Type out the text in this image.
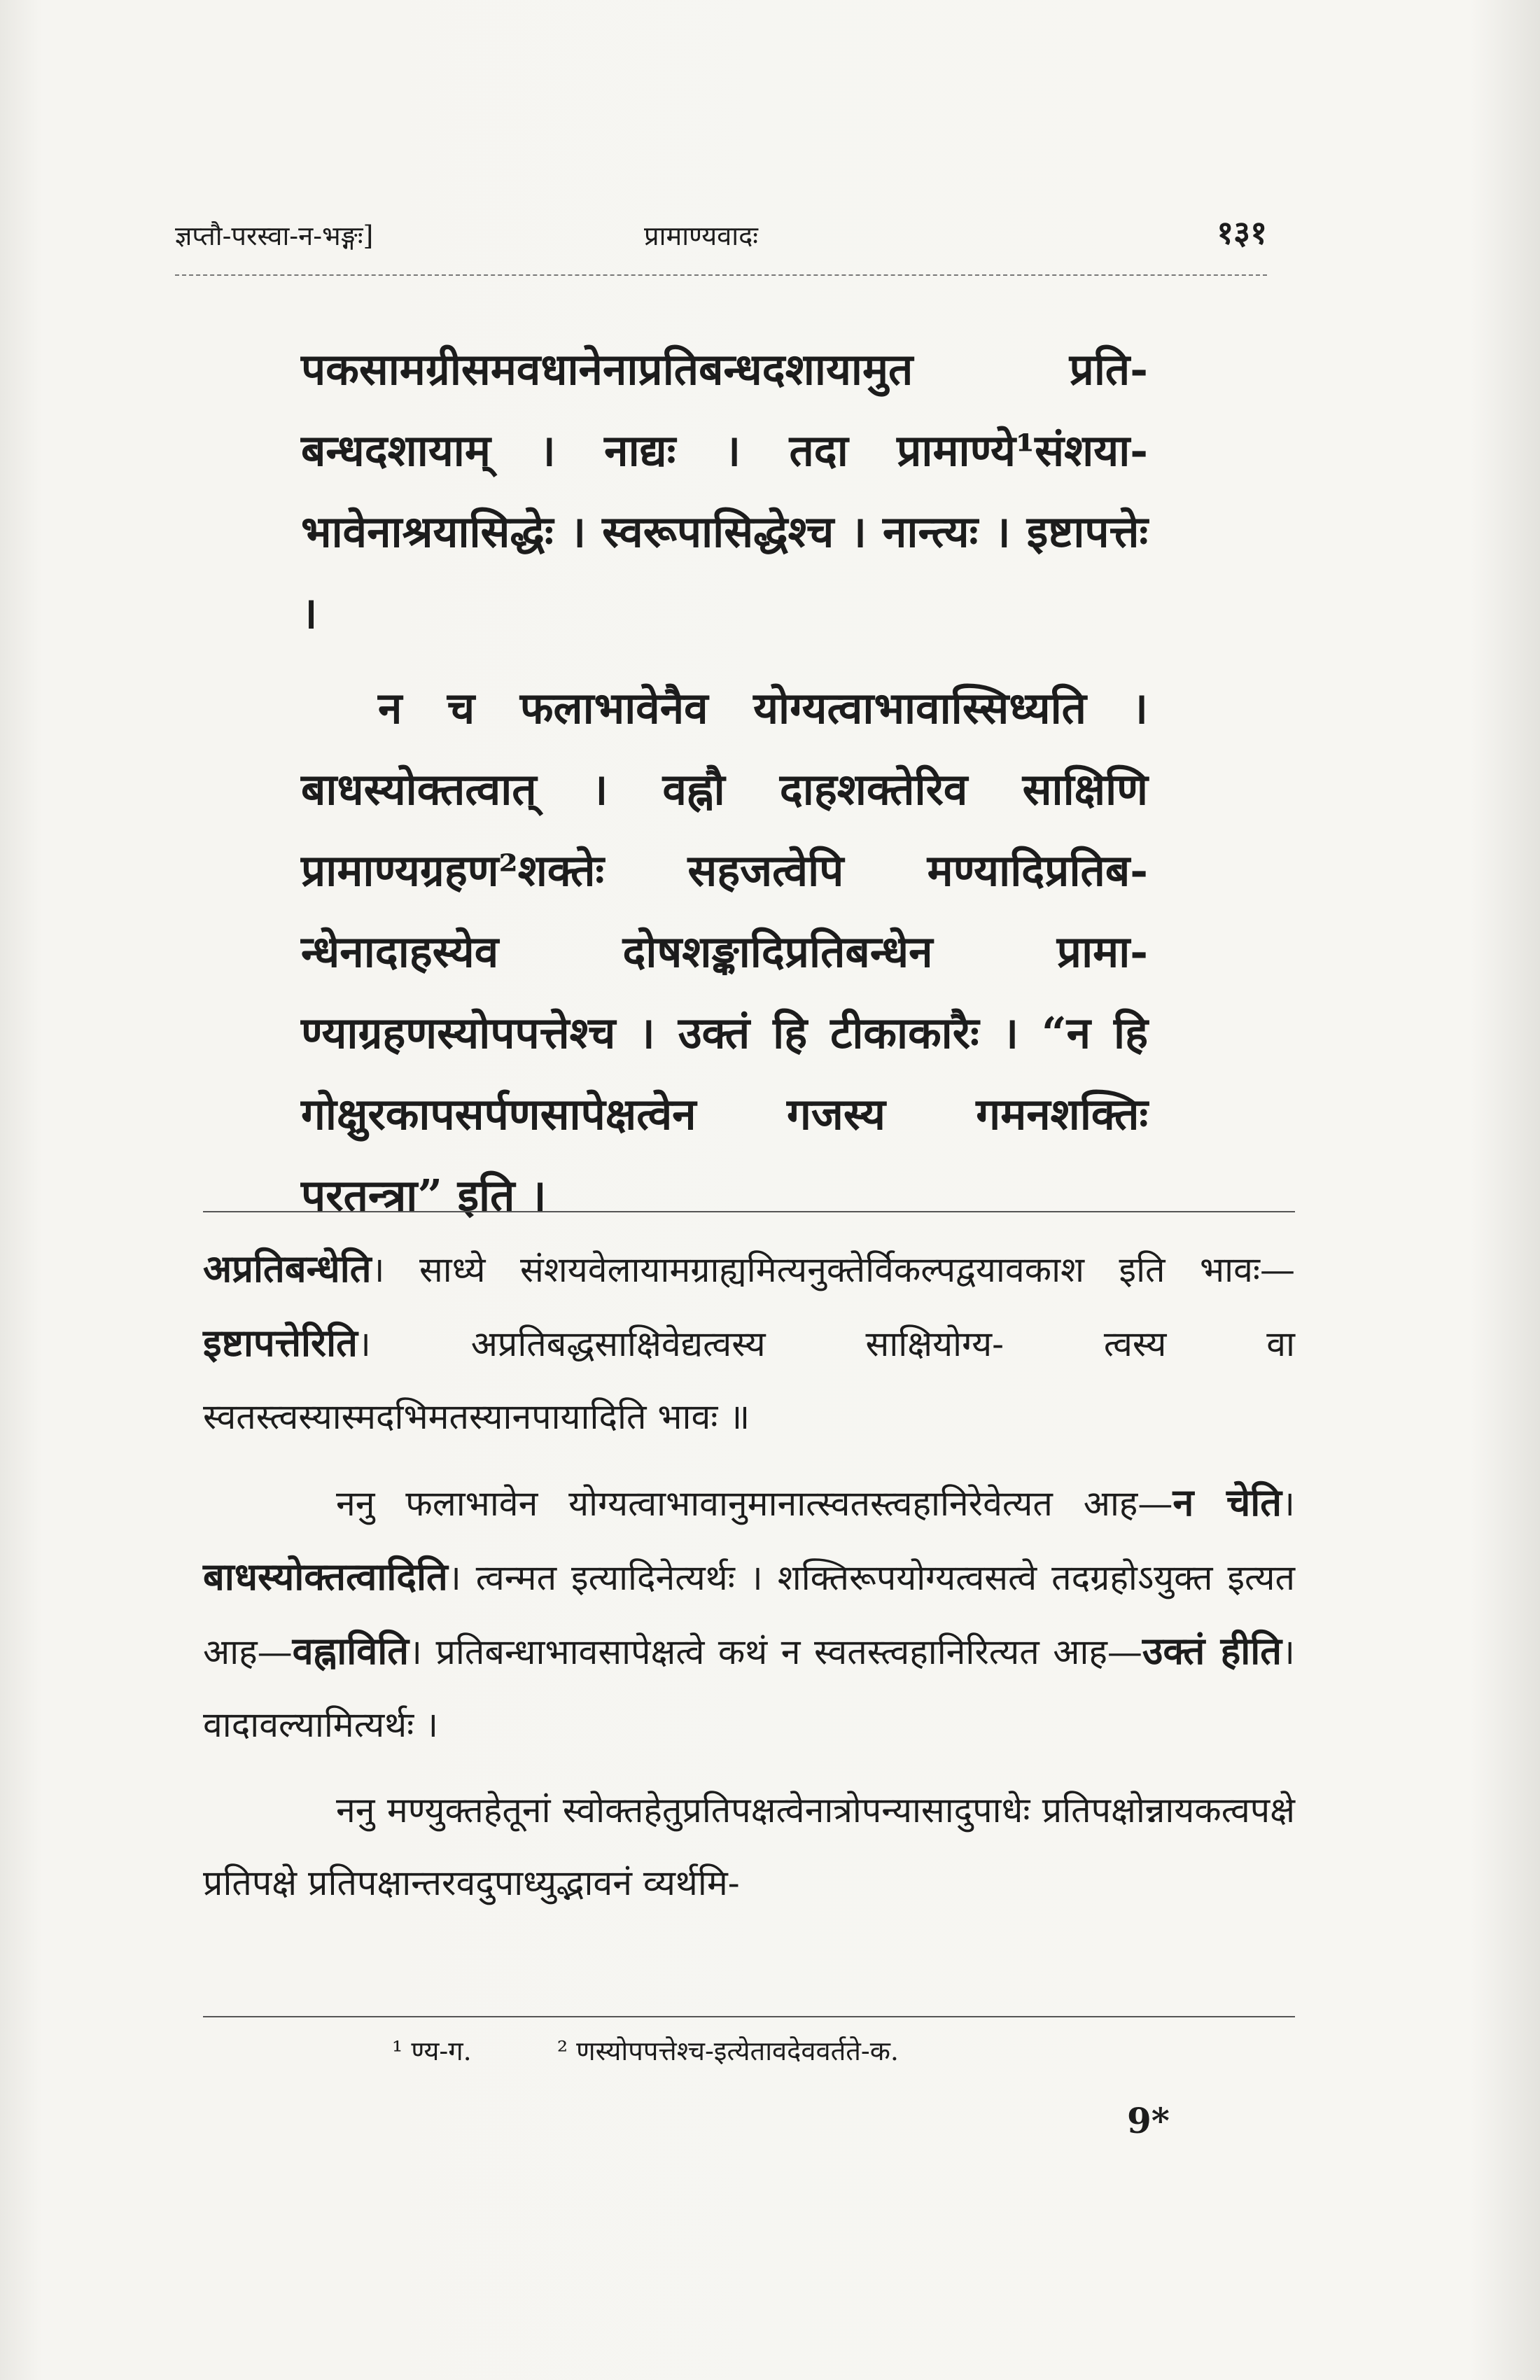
ज्ञप्तौ-परस्वा-न-भङ्गः]	प्रामाण्यवादः	१३१

पकसामग्रीसमवधानेनाप्रतिबन्धदशायामुत प्रति- बन्धदशायाम् । नाद्यः । तदा प्रामाण्ये¹संशया- भावेनाश्रयासिद्धेः । स्वरूपासिद्धेश्च । नान्त्यः । इष्टापत्तेः ।

न च फलाभावेनैव योग्यत्वाभावास्सिध्यति । बाधस्योक्तत्वात् । वह्नौ दाहशक्तेरिव साक्षिणि प्रामाण्यग्रहण²शक्तेः सहजत्वेपि मण्यादिप्रतिब- न्धेनादाहस्येव दोषशङ्कादिप्रतिबन्धेन प्रामा- ण्याग्रहणस्योपपत्तेश्च । उक्तं हि टीकाकारैः । “न हि गोक्षुरकापसर्पणसापेक्षत्वेन गजस्य गमनशक्तिः परतन्त्रा” इति ।

अप्रतिबन्धेति। साध्ये संशयवेलायामग्राह्यमित्यनुक्तेर्विकल्पद्वयावकाश इति भावः—इष्टापत्तेरिति। अप्रतिबद्धसाक्षिवेद्यत्वस्य साक्षियोग्य- त्वस्य वा स्वतस्त्वस्यास्मदभिमतस्यानपायादिति भावः ॥

ननु फलाभावेन योग्यत्वाभावानुमानात्स्वतस्त्वहानिरेवेत्यत आह—न चेति। बाधस्योक्तत्वादिति। त्वन्मत इत्यादिनेत्यर्थः । शक्तिरूपयोग्यत्वसत्वे तदग्रहोऽयुक्त इत्यत आह—वह्नाविति। प्रतिबन्धाभावसापेक्षत्वे कथं न स्वतस्त्वहानिरित्यत आह—उक्तं हीति। वादावल्यामित्यर्थः ।

ननु मण्युक्तहेतूनां स्वोक्तहेतुप्रतिपक्षत्वेनात्रोपन्यासादुपाधेः प्रतिपक्षोन्नायकत्वपक्षे प्रतिपक्षे प्रतिपक्षान्तरवदुपाध्युद्भावनं व्यर्थमि-

¹ ण्य-ग.	² णस्योपपत्तेश्च-इत्येतावदेववर्तते-क.
9*
